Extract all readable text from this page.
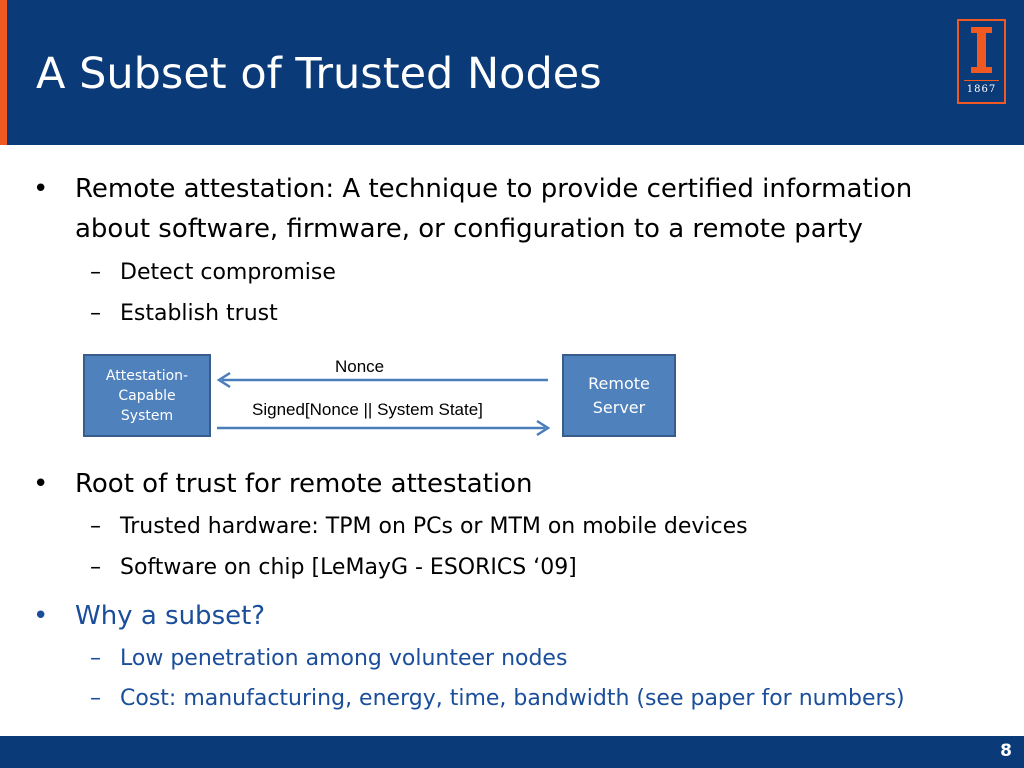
A Subset of Trusted Nodes	1867
• Remote attestation: A technique to provide certified information
about software, firmware, or configuration to a remote party
– Detect compromise
– Establish trust
Attestation-
Capable
System
Remote
Server
Nonce
Signed[Nonce || System State]
• Root of trust for remote attestation
– Trusted hardware: TPM on PCs or MTM on mobile devices
– Software on chip [LeMayG - ESORICS ‘09]
• Why a subset?
– Low penetration among volunteer nodes
– Cost: manufacturing, energy, time, bandwidth (see paper for numbers)
8
